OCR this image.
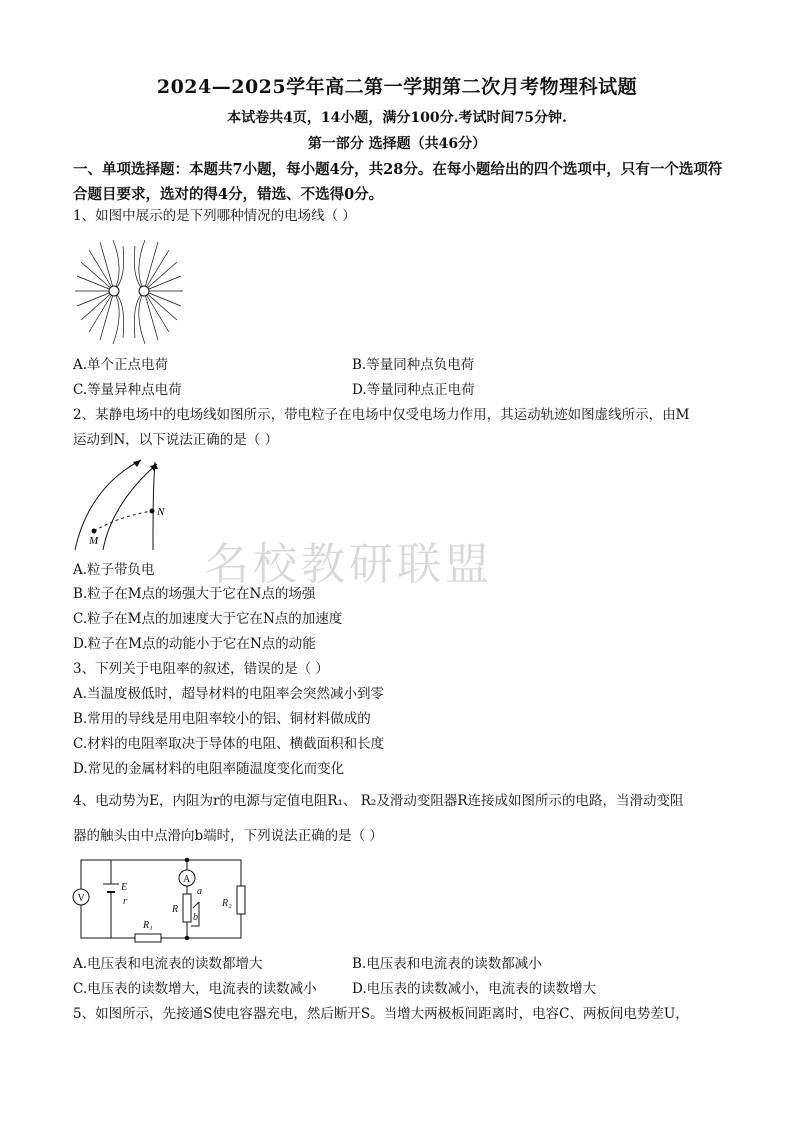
名校教研联盟
2024—2025学年高二第一学期第二次月考物理科试题
本试卷共4页，14小题，满分100分.考试时间75分钟.
第一部分 选择题（共46分）
一、单项选择题：本题共7小题，每小题4分，共28分。在每小题给出的四个选项中，只有一个选项符合题目要求，选对的得4分，错选、不选得0分。
1、如图中展示的是下列哪种情况的电场线（ ）
A.单个正点电荷	B.等量同种点负电荷
C.等量异种点电荷	D.等量同种点正电荷
2、某静电场中的电场线如图所示，带电粒子在电场中仅受电场力作用，其运动轨迹如图虚线所示，由M
运动到N，以下说法正确的是（ ）
M
N
A.粒子带负电
B.粒子在M点的场强大于它在N点的场强
C.粒子在M点的加速度大于它在N点的加速度
D.粒子在M点的动能小于它在N点的动能
3、下列关于电阻率的叙述，错误的是（ ）
A.当温度极低时，超导材料的电阻率会突然减小到零
B.常用的导线是用电阻率较小的铝、铜材料做成的
C.材料的电阻率取决于导体的电阻、横截面积和长度
D.常见的金属材料的电阻率随温度变化而变化
4、电动势为E，内阻为r的电源与定值电阻R₁、 R₂及滑动变阻器R连接成如图所示的电路，当滑动变阻
器的触头由中点滑向b端时，下列说法正确的是（ ）
V
E
r
A
a
R
b
R₂
R₁
A.电压表和电流表的读数都增大	B.电压表和电流表的读数都减小
C.电压表的读数增大，电流表的读数减小	D.电压表的读数减小，电流表的读数增大
5、如图所示，先接通S使电容器充电，然后断开S。当增大两极板间距离时，电容C、两板间电势差U，
